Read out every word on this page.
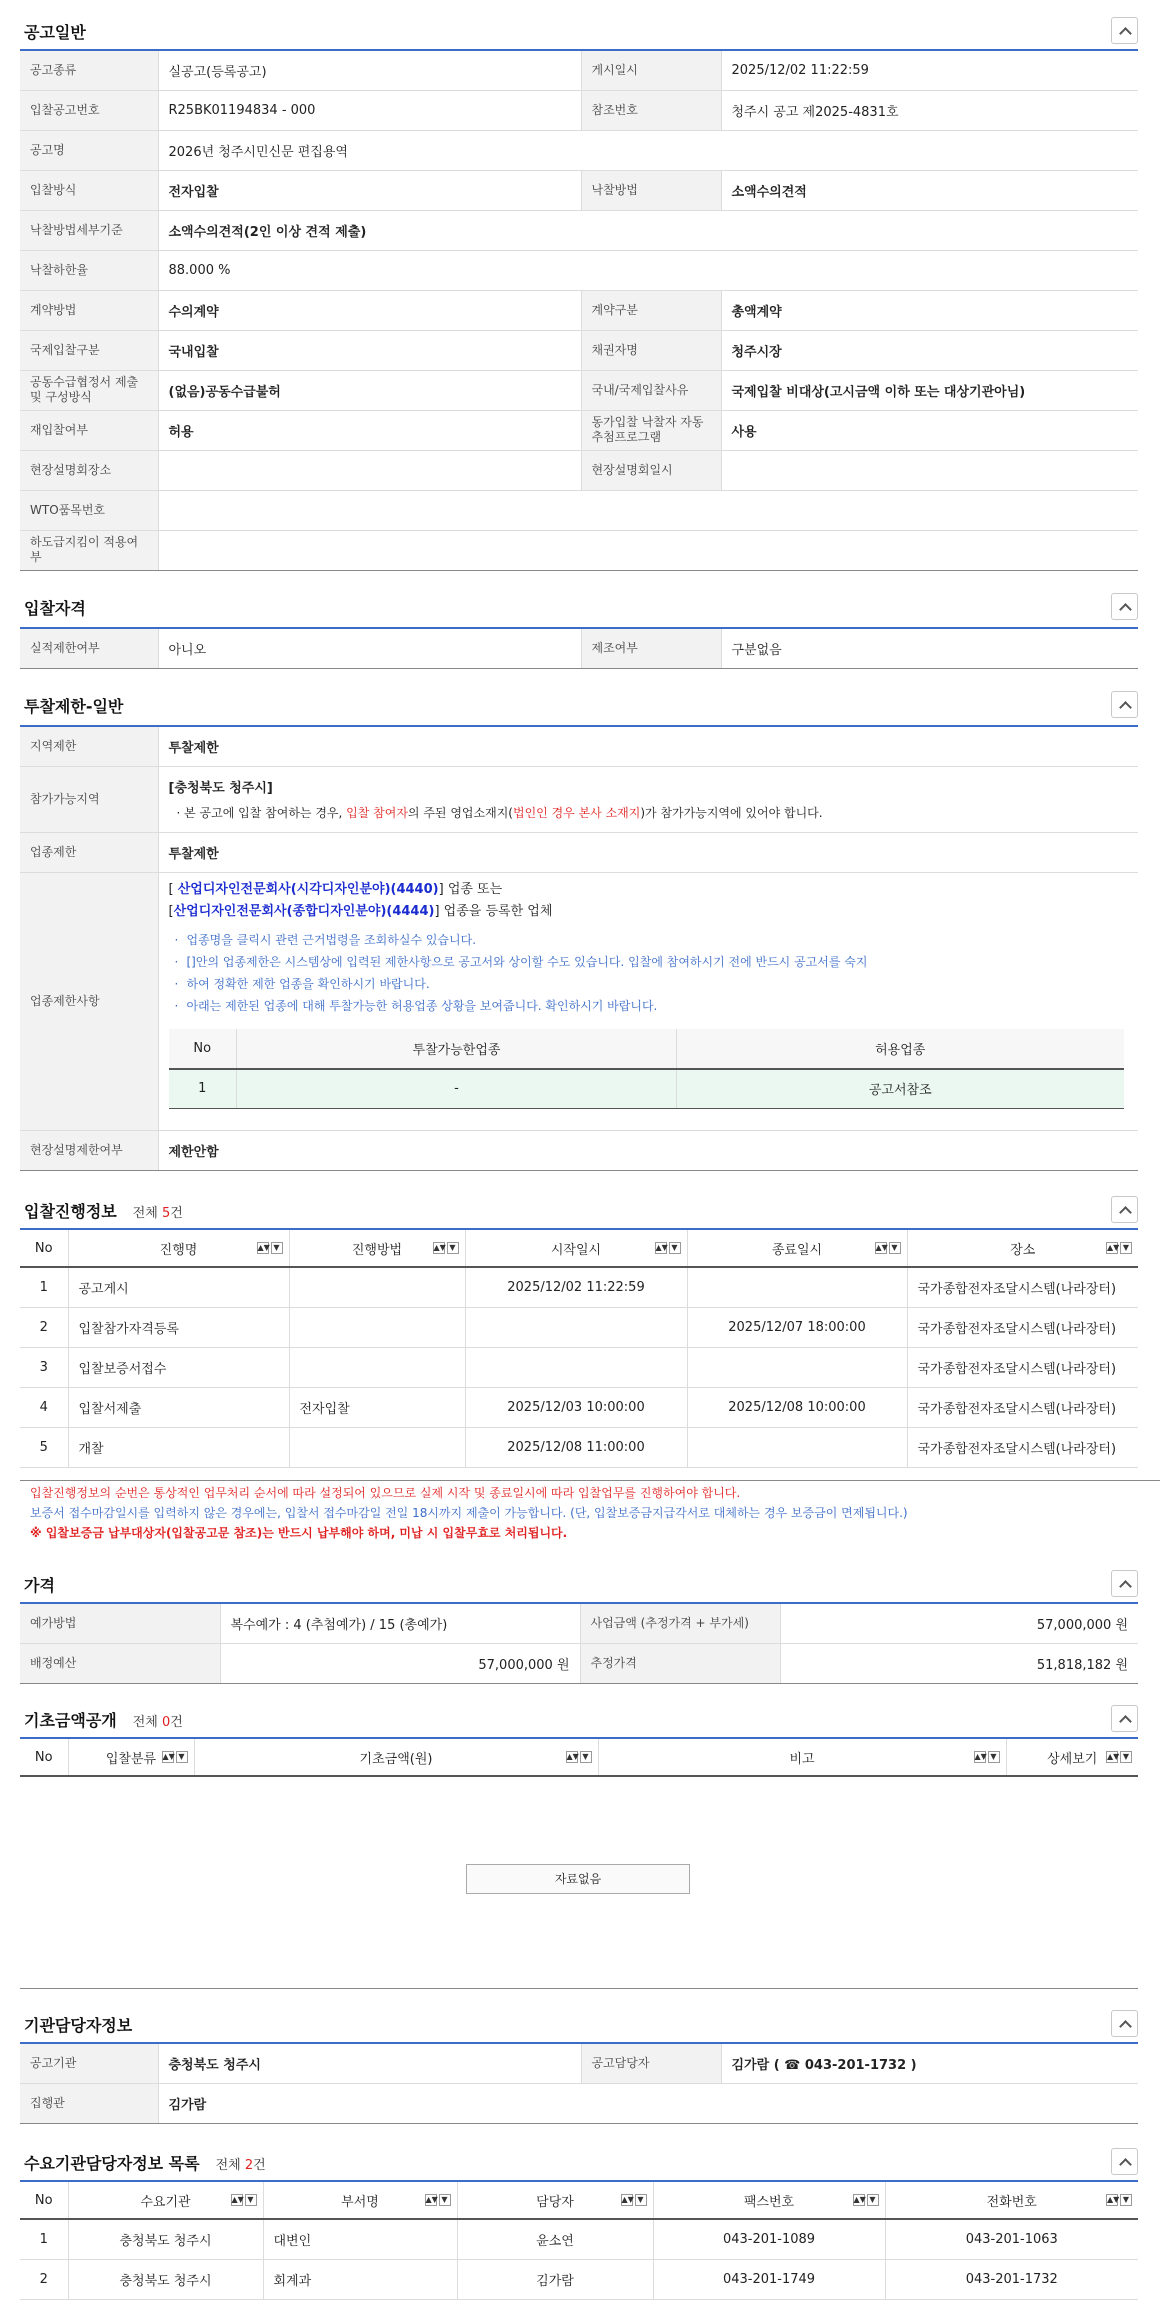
공고일반
공고종류	실공고(등록공고)	게시일시	2025/12/02 11:22:59
입찰공고번호	R25BK01194834 - 000	참조번호	청주시 공고 제2025-4831호
공고명	2026년 청주시민신문 편집용역		
입찰방식	전자입찰	낙찰방법	소액수의견적
낙찰방법세부기준	소액수의견적(2인 이상 견적 제출)		
낙찰하한율	88.000 %		
계약방법	수의계약	계약구분	총액계약
국제입찰구분	국내입찰	채권자명	청주시장
공동수급협정서 제출 및 구성방식	(없음)공동수급불허	국내/국제입찰사유	국제입찰 비대상(고시금액 이하 또는 대상기관아님)
재입찰여부	허용	동가입찰 낙찰자 자동추첨프로그램	사용
현장설명회장소		현장설명회일시	
WTO품목번호			
하도급지킴이 적용여부			
입찰자격
실적제한여부	아니오	제조여부	구분없음
투찰제한-일반
지역제한	투찰제한
참가가능지역	
[충청북도 청주시]
· 본 공고에 입찰 참여하는 경우, 입찰 참여자의 주된 영업소재지(법인인 경우 본사 소재지)가 참가가능지역에 있어야 합니다.

업종제한	투찰제한
업종제한사항	
[ 산업디자인전문회사(시각디자인분야)(4440)] 업종 또는
[산업디자인전문회사(종합디자인분야)(4444)] 업종을 등록한 업체
· 업종명을 클릭시 관련 근거법령을 조회하실수 있습니다.
· []안의 업종제한은 시스템상에 입력된 제한사항으로 공고서와 상이할 수도 있습니다. 입찰에 참여하시기 전에 반드시 공고서를 숙지
· 하여 정확한 제한 업종을 확인하시기 바랍니다.
· 아래는 제한된 업종에 대해 투찰가능한 허용업종 상황을 보여줍니다. 확인하시기 바랍니다.
No	투찰가능한업종	허용업종
1	-	공고서참조

현장설명제한여부	제한안함
입찰진행정보 전체 5건
No	진행명 ▲▼ ▼	진행방법 ▲▼ ▼	시작일시 ▲▼ ▼	종료일시 ▲▼ ▼	장소 ▲▼ ▼

1	공고게시		2025/12/02 11:22:59		국가종합전자조달시스템(나라장터)
2	입찰참가자격등록			2025/12/07 18:00:00	국가종합전자조달시스템(나라장터)
3	입찰보증서접수				국가종합전자조달시스템(나라장터)
4	입찰서제출	전자입찰	2025/12/03 10:00:00	2025/12/08 10:00:00	국가종합전자조달시스템(나라장터)
5	개찰		2025/12/08 11:00:00		국가종합전자조달시스템(나라장터)
입찰진행정보의 순번은 통상적인 업무처리 순서에 따라 설정되어 있으므로 실제 시작 및 종료일시에 따라 입찰업무를 진행하여야 합니다.
보증서 접수마감일시를 입력하지 않은 경우에는, 입찰서 접수마감일 전일 18시까지 제출이 가능합니다. (단, 입찰보증금지급각서로 대체하는 경우 보증금이 면제됩니다.)
※ 입찰보증금 납부대상자(입찰공고문 참조)는 반드시 납부해야 하며, 미납 시 입찰무효로 처리됩니다.
가격
예가방법	복수예가 : 4 (추첨예가) / 15 (총예가)	사업금액 (추정가격 + 부가세)	57,000,000 원
배정예산	57,000,000 원	추정가격	51,818,182 원
기초금액공개 전체 0건
No	입찰분류 ▲▼ ▼	기초금액(원)	▲▼ ▼	비고	▲▼ ▼	상세보기 ▲▼ ▼
자료없음
기관담당자정보
공고기관	충청북도 청주시	공고담당자	김가람 ( ☎ 043-201-1732 )
집행관	김가람		
수요기관담당자정보 목록 전체 2건
No	수요기관 ▲▼ ▼	부서명 ▲▼ ▼	담당자 ▲▼ ▼	팩스번호 ▲▼ ▼	전화번호 ▲▼ ▼

1	충청북도 청주시	대변인	윤소연	043-201-1089	043-201-1063
2	충청북도 청주시	회계과	김가람	043-201-1749	043-201-1732
